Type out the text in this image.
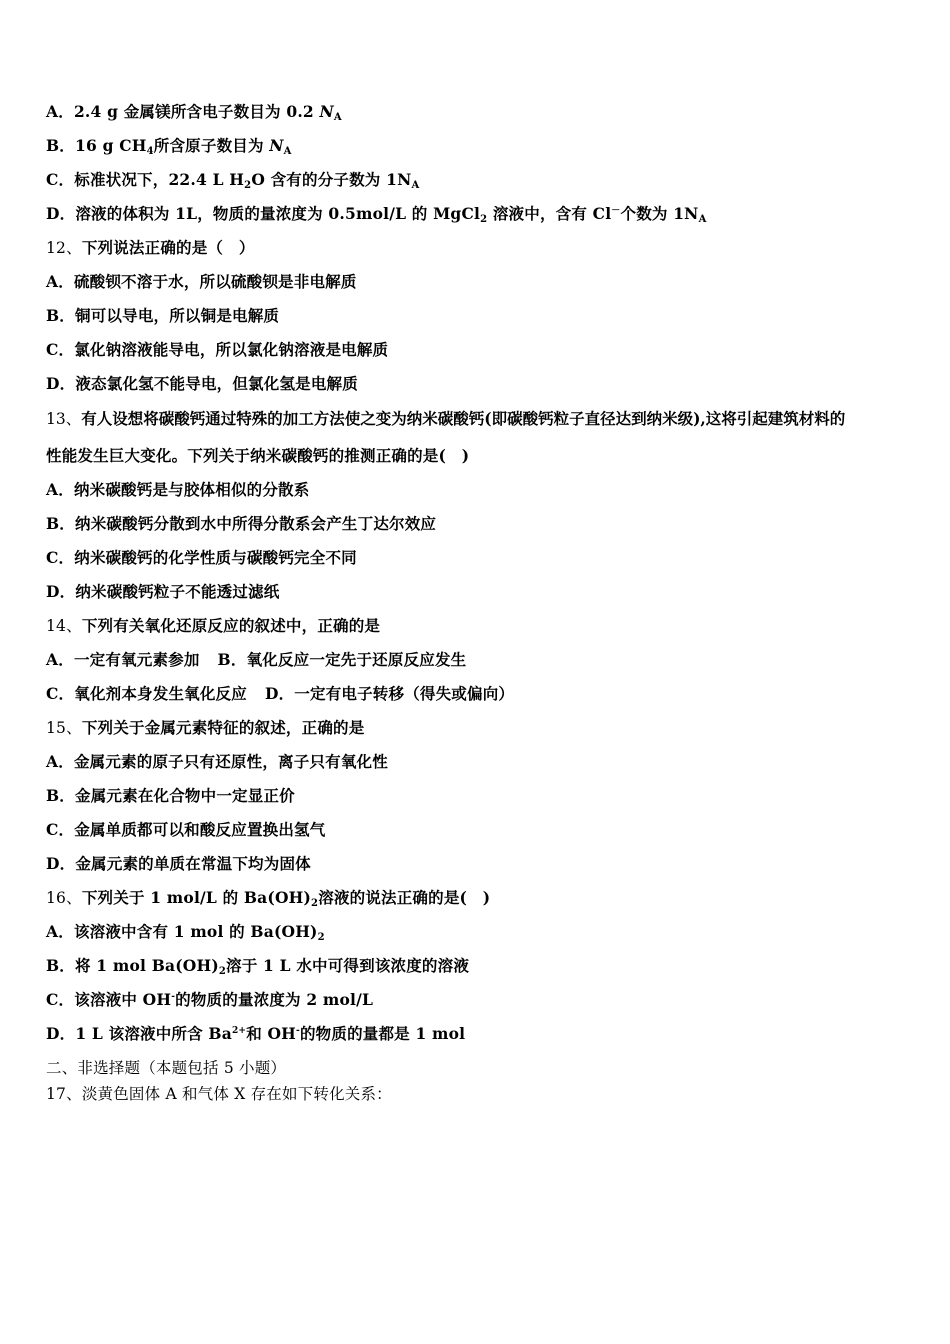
A．2.4 g 金属镁所含电子数目为 0.2 $N_A$
B．16 g $CH_4$所含原子数目为 $N_A$
C．标准状况下，22.4 L $H_2O$ 含有的分子数为 $1N_A$
D．溶液的体积为 1L，物质的量浓度为 0.5mol/L 的 MgCl$_2$ 溶液中，含有 Cl－个数为 $1N_A$
12、下列说法正确的是（　）
A．硫酸钡不溶于水，所以硫酸钡是非电解质
B．铜可以导电，所以铜是电解质
C．氯化钠溶液能导电，所以氯化钠溶液是电解质
D．液态氯化氢不能导电，但氯化氢是电解质
13、有人设想将碳酸钙通过特殊的加工方法使之变为纳米碳酸钙(即碳酸钙粒子直径达到纳米级),这将引起建筑材料的
性能发生巨大变化。下列关于纳米碳酸钙的推测正确的是(　)
A．纳米碳酸钙是与胶体相似的分散系
B．纳米碳酸钙分散到水中所得分散系会产生丁达尔效应
C．纳米碳酸钙的化学性质与碳酸钙完全不同
D．纳米碳酸钙粒子不能透过滤纸
14、下列有关氧化还原反应的叙述中，正确的是
A．一定有氧元素参加 B．氧化反应一定先于还原反应发生
C．氧化剂本身发生氧化反应 D．一定有电子转移（得失或偏向）
15、下列关于金属元素特征的叙述，正确的是
A．金属元素的原子只有还原性，离子只有氧化性
B．金属元素在化合物中一定显正价
C．金属单质都可以和酸反应置换出氢气
D．金属元素的单质在常温下均为固体
16、下列关于 1 mol/L 的 $Ba(OH)_2$溶液的说法正确的是(　)
A．该溶液中含有 1 mol 的 $Ba(OH)_2$
B．将 1 mol $Ba(OH)_2$溶于 1 L 水中可得到该浓度的溶液
C．该溶液中 OH-的物质的量浓度为 2 mol/L
D．1 L 该溶液中所含 $Ba^{2+}$和 OH-的物质的量都是 1 mol
二、非选择题（本题包括 5 小题）
17、淡黄色固体 A 和气体 X 存在如下转化关系：
